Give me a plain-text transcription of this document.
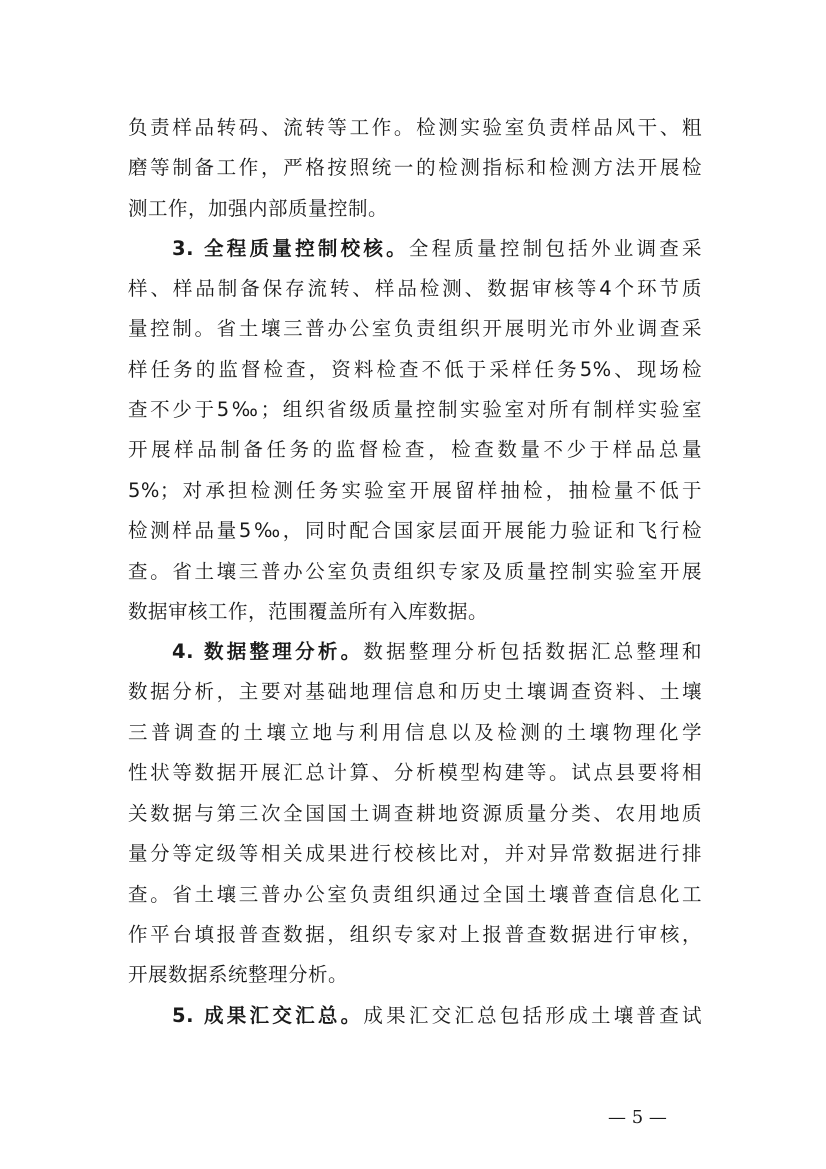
负责样品转码、流转等工作。检测实验室负责样品风干、粗
磨等制备工作，严格按照统一的检测指标和检测方法开展检
测工作，加强内部质量控制。
3. 全程质量控制校核。全程质量控制包括外业调查采
样、样品制备保存流转、样品检测、数据审核等4个环节质
量控制。省土壤三普办公室负责组织开展明光市外业调查采
样任务的监督检查，资料检查不低于采样任务5%、现场检
查不少于5‰；组织省级质量控制实验室对所有制样实验室
开展样品制备任务的监督检查，检查数量不少于样品总量
5%；对承担检测任务实验室开展留样抽检，抽检量不低于
检测样品量5‰，同时配合国家层面开展能力验证和飞行检
查。省土壤三普办公室负责组织专家及质量控制实验室开展
数据审核工作，范围覆盖所有入库数据。
4. 数据整理分析。数据整理分析包括数据汇总整理和
数据分析，主要对基础地理信息和历史土壤调查资料、土壤
三普调查的土壤立地与利用信息以及检测的土壤物理化学
性状等数据开展汇总计算、分析模型构建等。试点县要将相
关数据与第三次全国国土调查耕地资源质量分类、农用地质
量分等定级等相关成果进行校核比对，并对异常数据进行排
查。省土壤三普办公室负责组织通过全国土壤普查信息化工
作平台填报普查数据，组织专家对上报普查数据进行审核，
开展数据系统整理分析。
5. 成果汇交汇总。成果汇交汇总包括形成土壤普查试
— 5 —
